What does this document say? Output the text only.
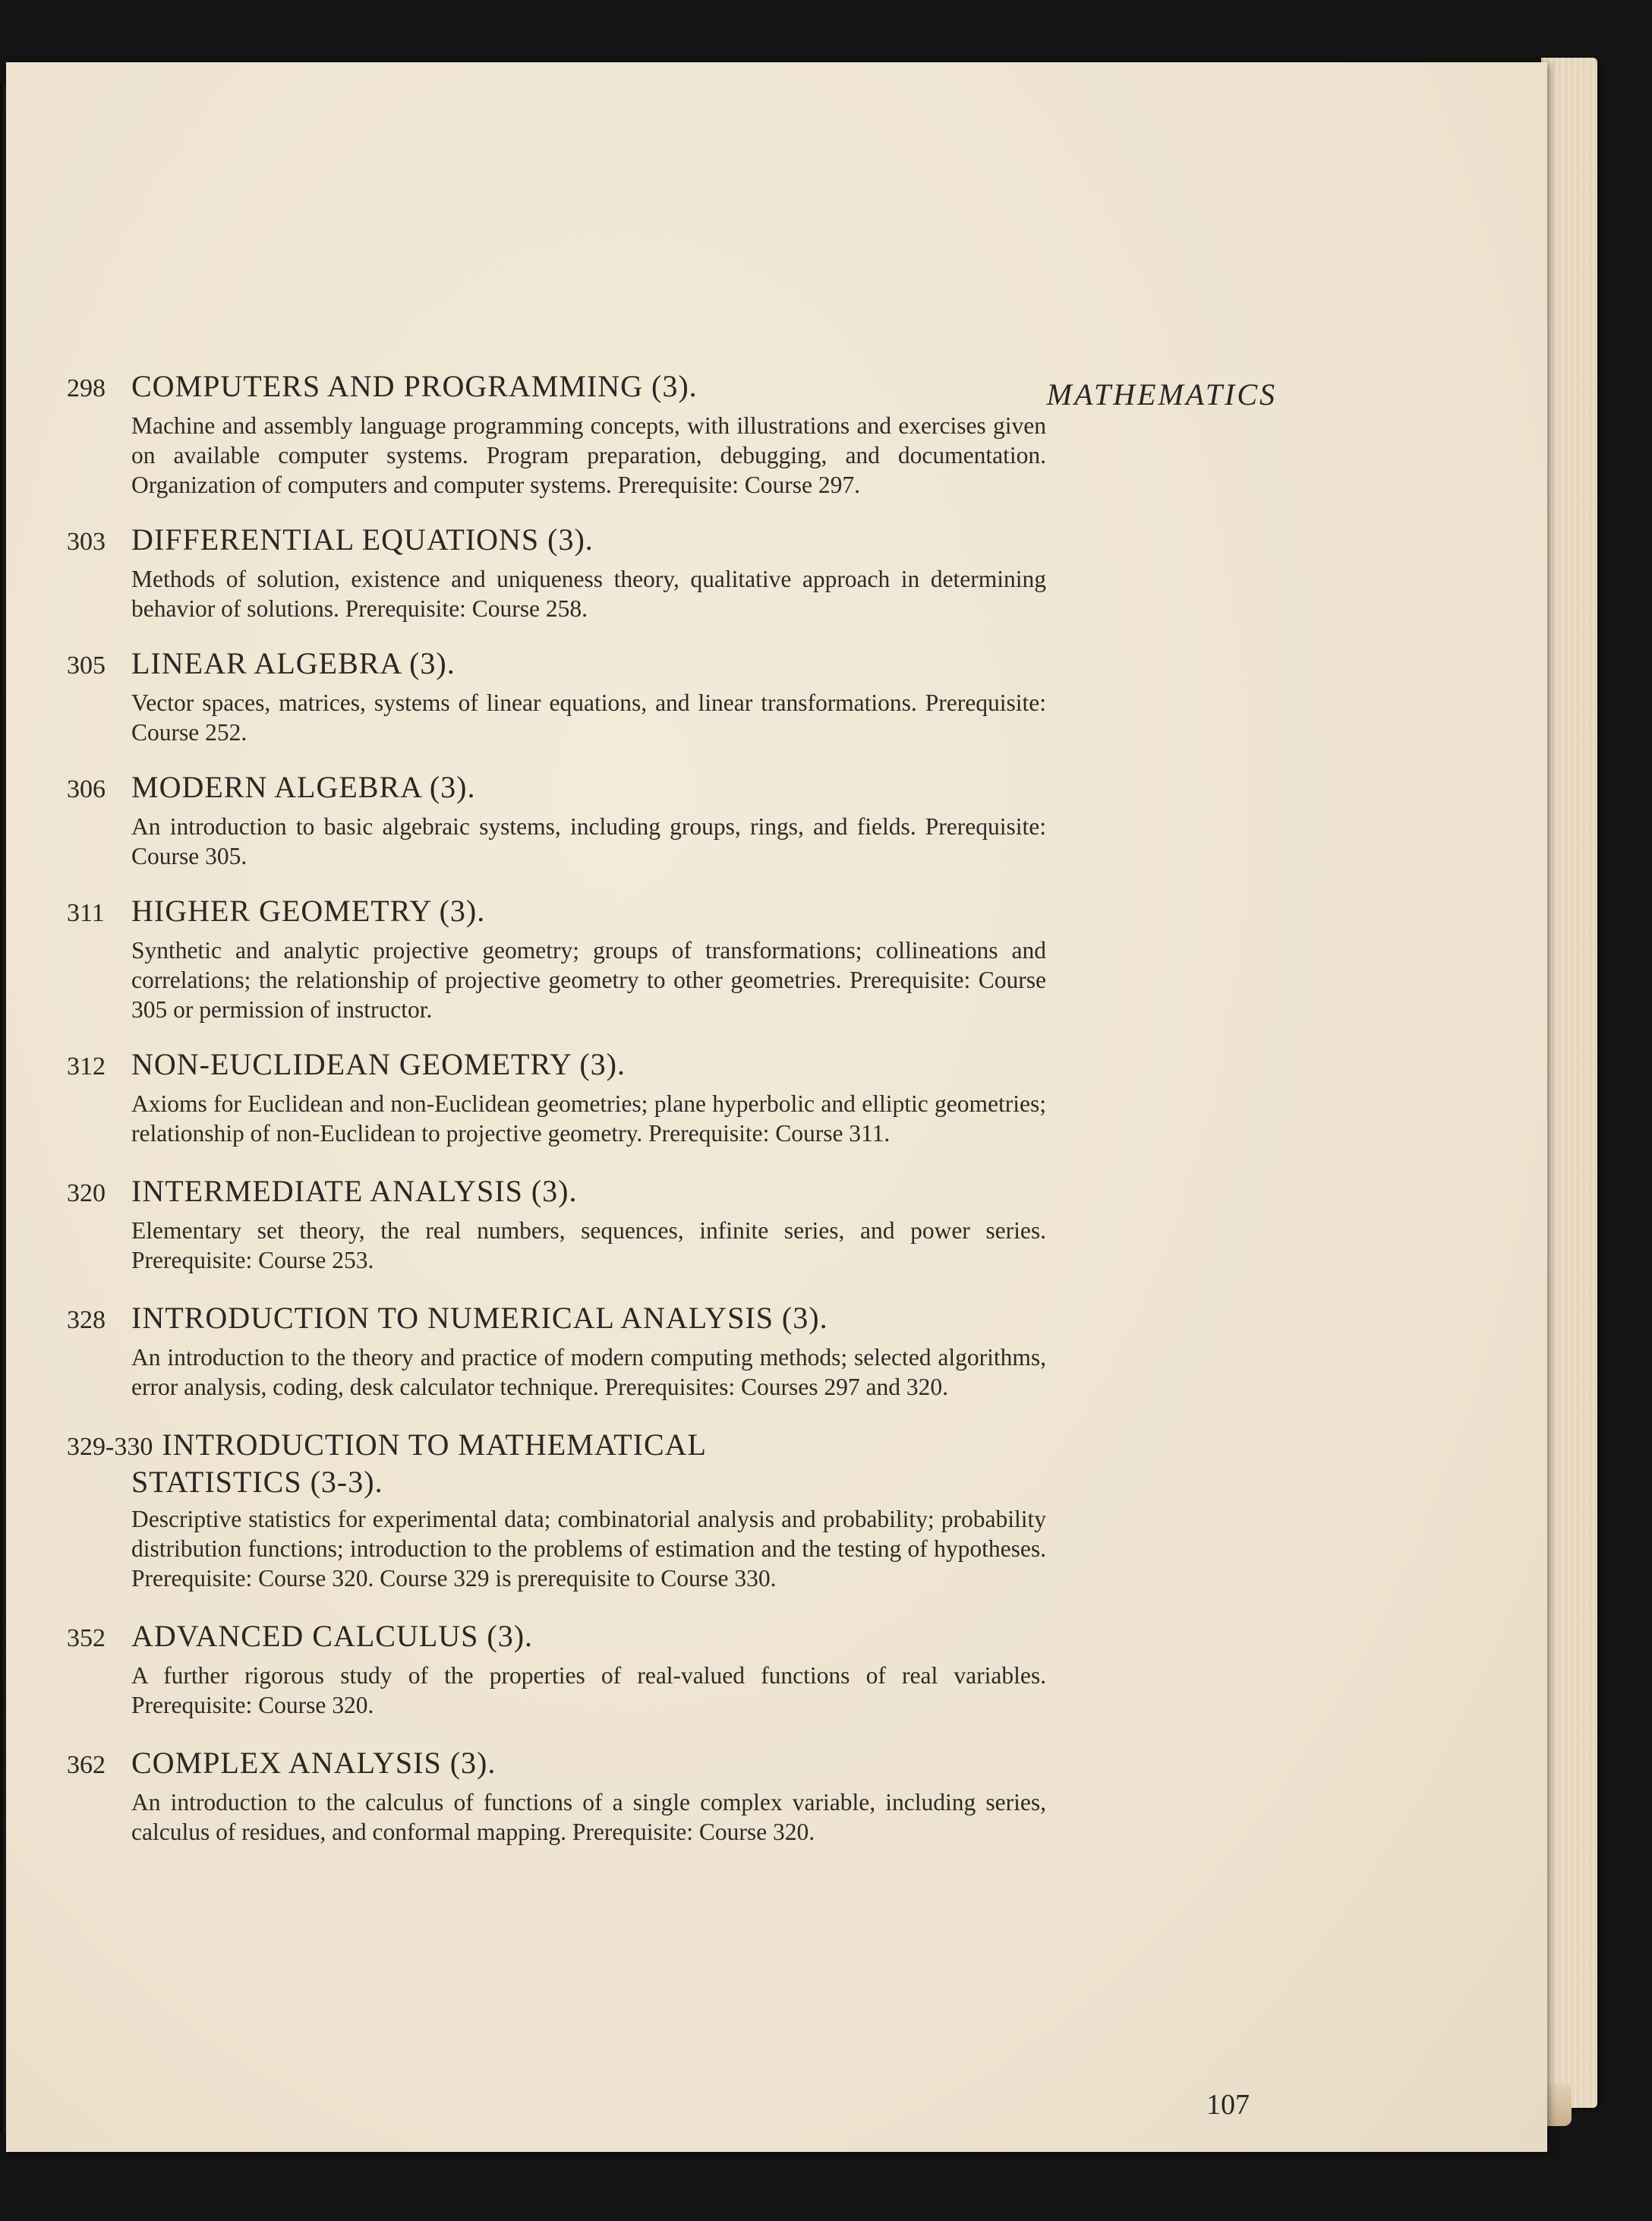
MATHEMATICS

298 COMPUTERS AND PROGRAMMING (3).

Machine and assembly language programming concepts, with illustrations and exercises given on available computer systems. Program preparation, debugging, and documentation. Organization of computers and computer systems. Prerequisite: Course 297.

303 DIFFERENTIAL EQUATIONS (3).

Methods of solution, existence and uniqueness theory, qualitative approach in determining behavior of solutions. Prerequisite: Course 258.

305 LINEAR ALGEBRA (3).

Vector spaces, matrices, systems of linear equations, and linear transformations. Prerequisite: Course 252.

306 MODERN ALGEBRA (3).

An introduction to basic algebraic systems, including groups, rings, and fields. Prerequisite: Course 305.

311 HIGHER GEOMETRY (3).

Synthetic and analytic projective geometry; groups of transformations; collineations and correlations; the relationship of projective geometry to other geometries. Prerequisite: Course 305 or permission of instructor.

312 NON-EUCLIDEAN GEOMETRY (3).

Axioms for Euclidean and non-Euclidean geometries; plane hyperbolic and elliptic geometries; relationship of non-Euclidean to projective geometry. Prerequisite: Course 311.

320 INTERMEDIATE ANALYSIS (3).

Elementary set theory, the real numbers, sequences, infinite series, and power series. Prerequisite: Course 253.

328 INTRODUCTION TO NUMERICAL ANALYSIS (3).

An introduction to the theory and practice of modern computing methods; selected algorithms, error analysis, coding, desk calculator technique. Prerequisites: Courses 297 and 320.

329-330 INTRODUCTION TO MATHEMATICAL
STATISTICS (3-3).

Descriptive statistics for experimental data; combinatorial analysis and probability; probability distribution functions; introduction to the problems of estimation and the testing of hypotheses. Prerequisite: Course 320. Course 329 is prerequisite to Course 330.

352 ADVANCED CALCULUS (3).

A further rigorous study of the properties of real-valued functions of real variables. Prerequisite: Course 320.

362 COMPLEX ANALYSIS (3).

An introduction to the calculus of functions of a single complex variable, including series, calculus of residues, and conformal mapping. Prerequisite: Course 320.

107
